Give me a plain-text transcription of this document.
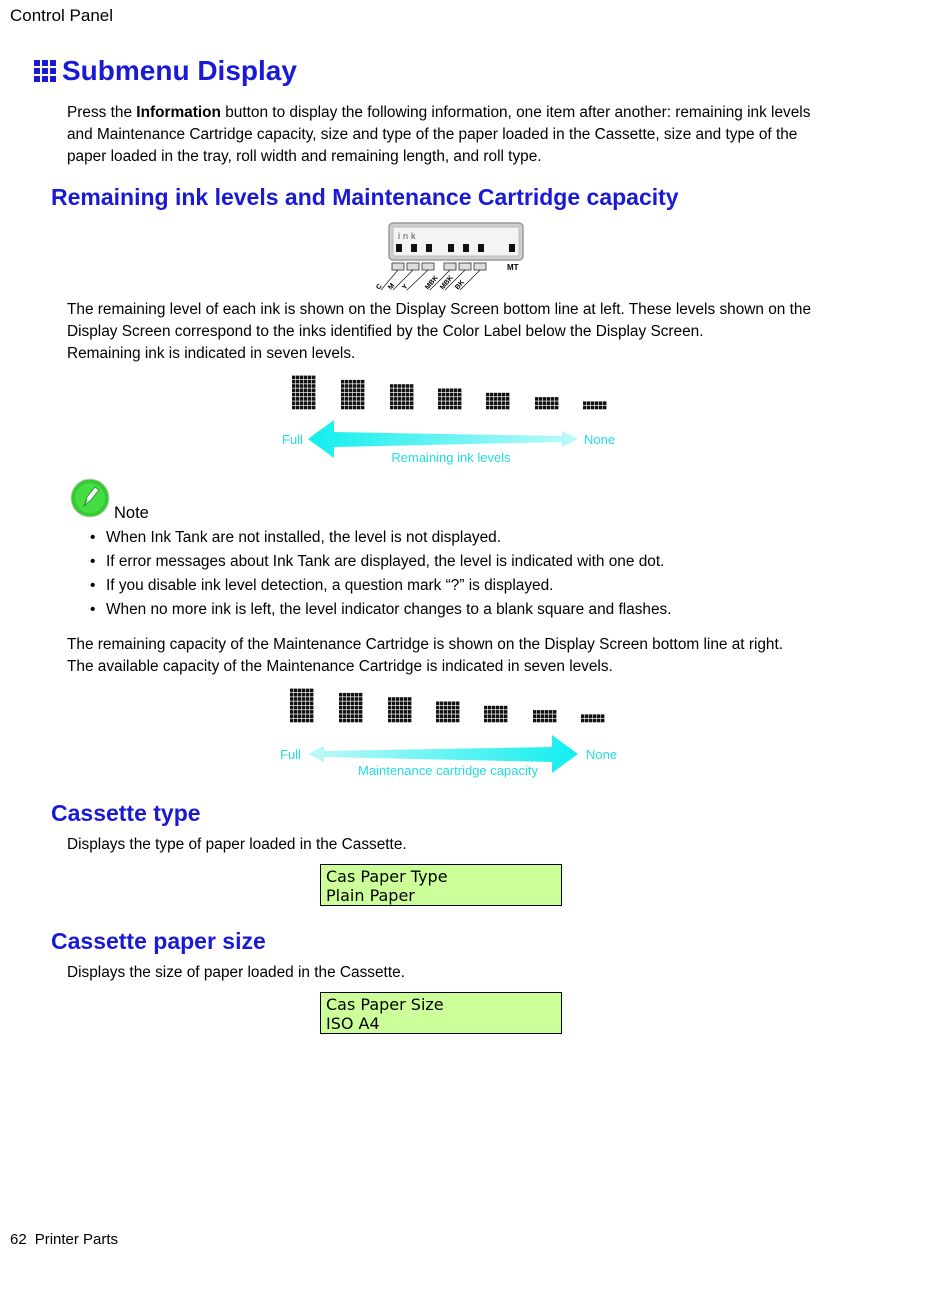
Control Panel
Submenu Display
Press the Information button to display the following information, one item after another: remaining ink levels
and Maintenance Cartridge capacity, size and type of the paper loaded in the Cassette, size and type of the
paper loaded in the tray, roll width and remaining length, and roll type.
Remaining ink levels and Maintenance Cartridge capacity
ink
MT
C M Y MBK MBK BK
The remaining level of each ink is shown on the Display Screen bottom line at left. These levels shown on the
Display Screen correspond to the inks identified by the Color Label below the Display Screen.
Remaining ink is indicated in seven levels.
Full	None
Remaining ink levels
Note
• When Ink Tank are not installed, the level is not displayed.
• If error messages about Ink Tank are displayed, the level is indicated with one dot.
• If you disable ink level detection, a question mark “?” is displayed.
• When no more ink is left, the level indicator changes to a blank square and flashes.
The remaining capacity of the Maintenance Cartridge is shown on the Display Screen bottom line at right.
The available capacity of the Maintenance Cartridge is indicated in seven levels.
Full	None
Maintenance cartridge capacity
Cassette type
Displays the type of paper loaded in the Cassette.
Cas Paper Type
Plain Paper
Cassette paper size
Displays the size of paper loaded in the Cassette.
Cas Paper Size
ISO A4
62 Printer Parts
